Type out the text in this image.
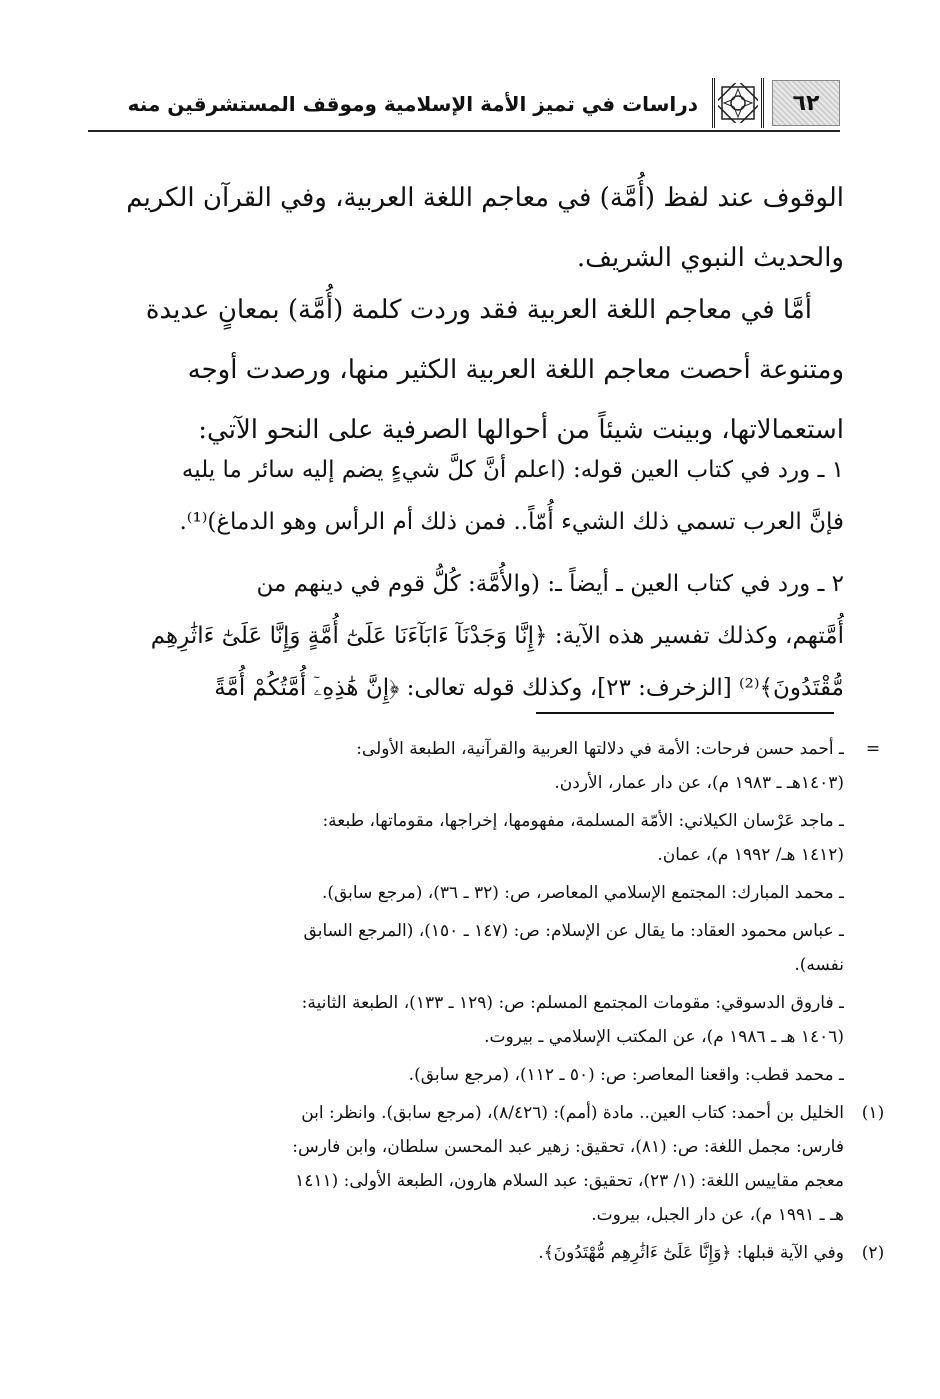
٦٢
دراسات في تميز الأمة الإسلامية وموقف المستشرقين منه
الوقوف عند لفظ (أُمَّة) في معاجم اللغة العربية، وفي القرآن الكريم
والحديث النبوي الشريف.
أمَّا في معاجم اللغة العربية فقد وردت كلمة (أُمَّة) بمعانٍ عديدة
ومتنوعة أحصت معاجم اللغة العربية الكثير منها، ورصدت أوجه
استعمالاتها، وبينت شيئاً من أحوالها الصرفية على النحو الآتي:
١ ـ ورد في كتاب العين قوله: (اعلم أنَّ كلَّ شيءٍ يضم إليه سائر ما يليه
فإنَّ العرب تسمي ذلك الشيء أُمّاً.. فمن ذلك أم الرأس وهو الدماغ)⁽¹⁾.
٢ ـ ورد في كتاب العين ـ أيضاً ـ: (والأُمَّة: كُلُّ قوم في دينهم من
أُمَّتهم، وكذلك تفسير هذه الآية: ﴿إِنَّا وَجَدْنَآ ءَابَآءَنَا عَلَىٰٓ أُمَّةٍ وَإِنَّا عَلَىٰٓ ءَاثَٰرِهِم
مُّقْتَدُونَ﴾⁽²⁾ [الزخرف: ٢٣]، وكذلك قوله تعالى: ﴿إِنَّ هَٰذِهِۦٓ أُمَّتُكُمْ أُمَّةً
=
ـ أحمد حسن فرحات: الأمة في دلالتها العربية والقرآنية، الطبعة الأولى:
(١٤٠٣هـ ـ ١٩٨٣ م)، عن دار عمار، الأردن.
ـ ماجد عَرْسان الكيلاني: الأمّة المسلمة، مفهومها، إخراجها، مقوماتها، طبعة:
(١٤١٢ هـ/ ١٩٩٢ م)، عمان.
ـ محمد المبارك: المجتمع الإسلامي المعاصر، ص: (٣٢ ـ ٣٦)، (مرجع سابق).
ـ عباس محمود العقاد: ما يقال عن الإسلام: ص: (١٤٧ ـ ١٥٠)، (المرجع السابق
نفسه).
ـ فاروق الدسوقي: مقومات المجتمع المسلم: ص: (١٢٩ ـ ١٣٣)، الطبعة الثانية:
(١٤٠٦ هـ ـ ١٩٨٦ م)، عن المكتب الإسلامي ـ بيروت.
ـ محمد قطب: واقعنا المعاصر: ص: (٥٠ ـ ١١٢)، (مرجع سابق).
(١)
الخليل بن أحمد: كتاب العين.. مادة (أمم): (٨/٤٢٦)، (مرجع سابق). وانظر: ابن
فارس: مجمل اللغة: ص: (٨١)، تحقيق: زهير عبد المحسن سلطان، وابن فارس:
معجم مقاييس اللغة: (١/ ٢٣)، تحقيق: عبد السلام هارون، الطبعة الأولى: (١٤١١
هـ ـ ١٩٩١ م)، عن دار الجبل، بيروت.
(٢)
وفي الآية قبلها: ﴿وَإِنَّا عَلَىٰٓ ءَاثَٰرِهِم مُّهْتَدُونَ﴾.
